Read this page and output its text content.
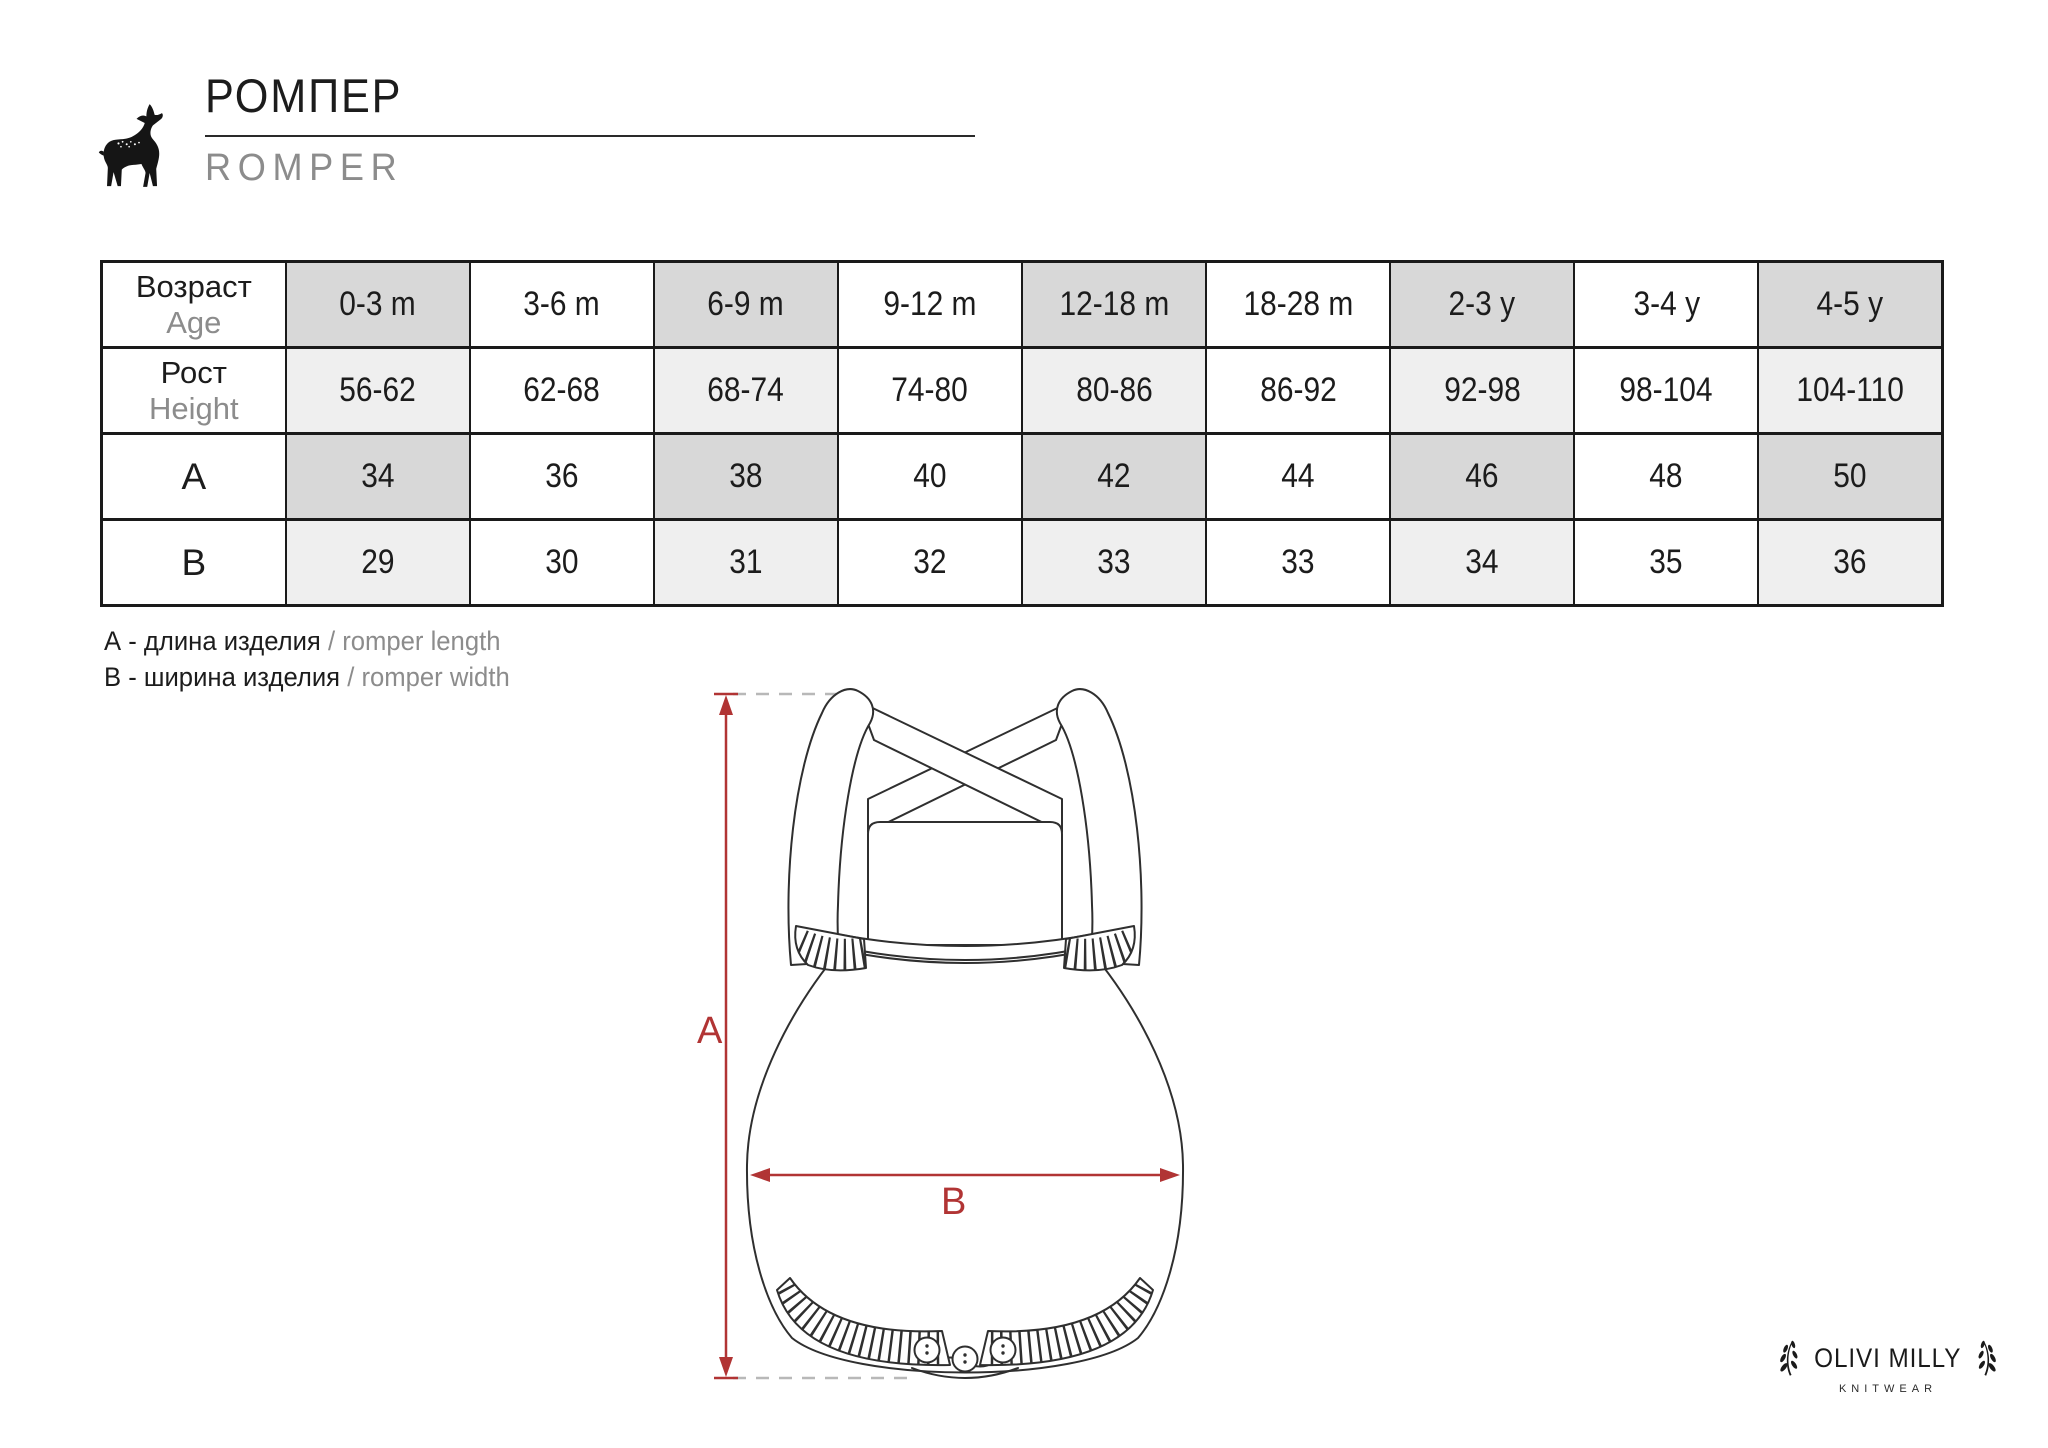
РОМПЕР
ROMPER
Возраст
Age	0-3 m	3-6 m	6-9 m	9-12 m	12-18 m	18-28 m	2-3 y	3-4 y	4-5 y

Рост
Height	56-62	62-68	68-74	74-80	80-86	86-92	92-98	98-104	104-110
A	34	36	38	40	42	44	46	48	50
B	29	30	31	32	33	33	34	35	36
А - длина изделия / romper length
В - ширина изделия / romper width
A
B
OLIVI MILLY
KNITWEAR
